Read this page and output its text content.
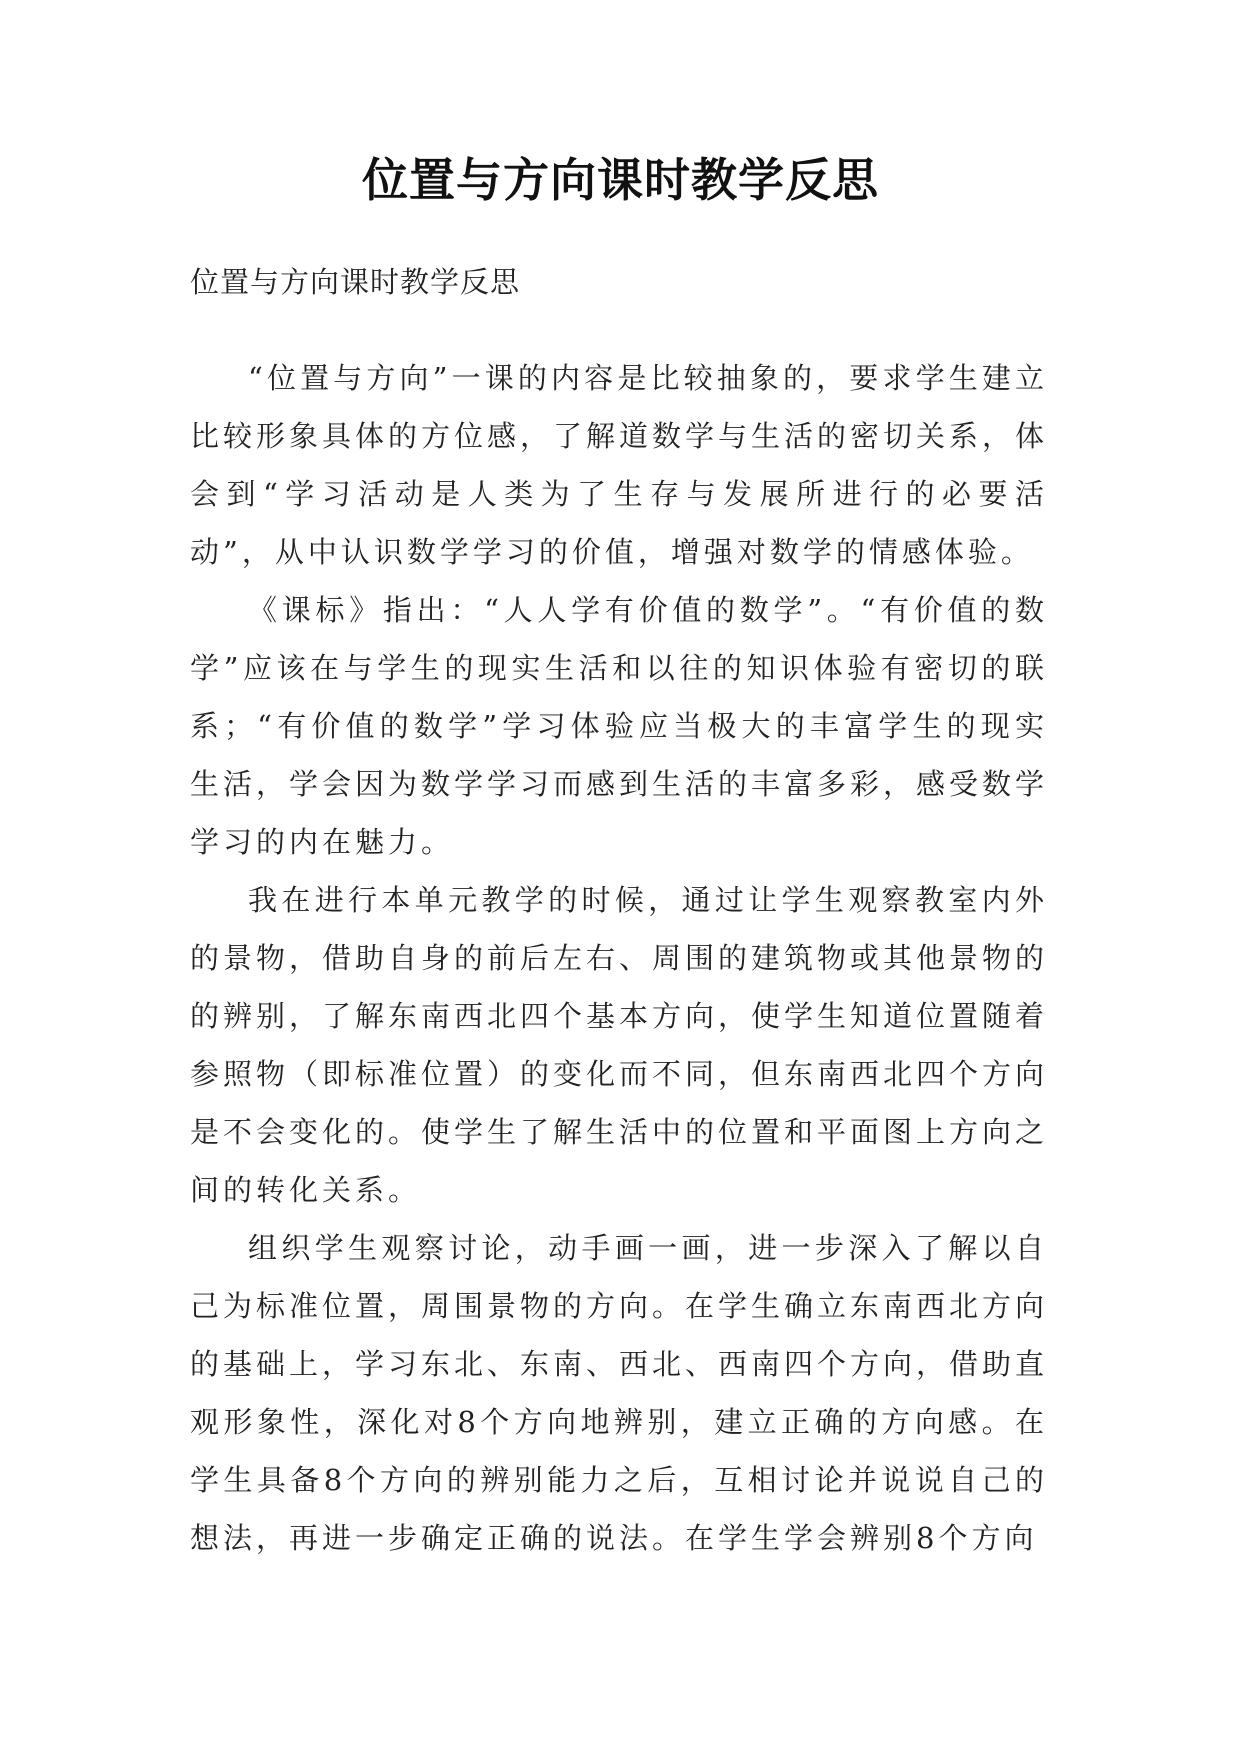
位置与方向课时教学反思

位置与方向课时教学反思

“位置与方向”一课的内容是比较抽象的，要求学生建立比较形象具体的方位感，了解道数学与生活的密切关系，体会到“学习活动是人类为了生存与发展所进行的必要活动”，从中认识数学学习的价值，增强对数学的情感体验。

《课标》指出：“人人学有价值的数学”。“有价值的数学”应该在与学生的现实生活和以往的知识体验有密切的联系；“有价值的数学”学习体验应当极大的丰富学生的现实生活，学会因为数学学习而感到生活的丰富多彩，感受数学学习的内在魅力。

我在进行本单元教学的时候，通过让学生观察教室内外的景物，借助自身的前后左右、周围的建筑物或其他景物的的辨别，了解东南西北四个基本方向，使学生知道位置随着参照物（即标准位置）的变化而不同，但东南西北四个方向是不会变化的。使学生了解生活中的位置和平面图上方向之间的转化关系。

组织学生观察讨论，动手画一画，进一步深入了解以自己为标准位置，周围景物的方向。在学生确立东南西北方向的基础上，学习东北、东南、西北、西南四个方向，借助直观形象性，深化对8个方向地辨别，建立正确的方向感。在学生具备8个方向的辨别能力之后，互相讨论并说说自己的想法，再进一步确定正确的说法。在学生学会辨别8个方向
